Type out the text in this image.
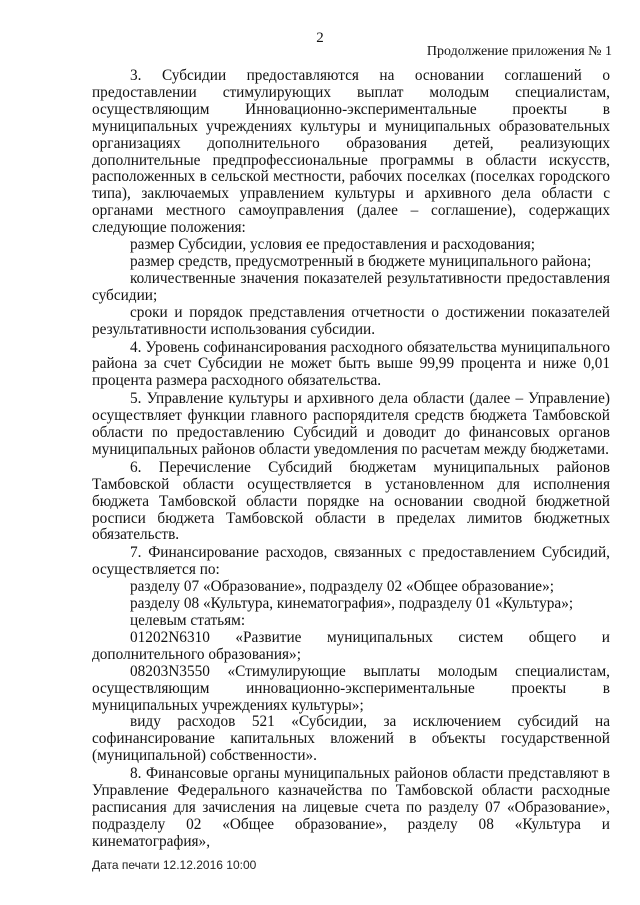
2
Продолжение приложения № 1

3. Субсидии предоставляются на основании соглашений о предоставлении стимулирующих выплат молодым специалистам, осуществляющим Инновационно-экспериментальные проекты в муниципальных учреждениях культуры и муниципальных образовательных организациях дополнительного образования детей, реализующих дополнительные предпрофессиональные программы в области искусств, расположенных в сельской местности, рабочих поселках (поселках городского типа), заключаемых управлением культуры и архивного дела области с органами местного самоуправления (далее – соглашение), содержащих следующие положения:

размер Субсидии, условия ее предоставления и расходования;

размер средств, предусмотренный в бюджете муниципального района;

количественные значения показателей результативности предоставления субсидии;

сроки и порядок представления отчетности о достижении показателей результативности использования субсидии.

4. Уровень софинансирования расходного обязательства муниципального района за счет Субсидии не может быть выше 99,99 процента и ниже 0,01 процента размера расходного обязательства.

5. Управление культуры и архивного дела области (далее – Управление) осуществляет функции главного распорядителя средств бюджета Тамбовской области по предоставлению Субсидий и доводит до финансовых органов муниципальных районов области уведомления по расчетам между бюджетами.

6. Перечисление Субсидий бюджетам муниципальных районов Тамбовской области осуществляется в установленном для исполнения бюджета Тамбовской области порядке на основании сводной бюджетной росписи бюджета Тамбовской области в пределах лимитов бюджетных обязательств.

7. Финансирование расходов, связанных с предоставлением Субсидий, осуществляется по:

разделу 07 «Образование», подразделу 02 «Общее образование»;

разделу 08 «Культура, кинематография», подразделу 01 «Культура»;

целевым статьям:

01202N6310 «Развитие муниципальных систем общего и дополнительного образования»;

08203N3550 «Стимулирующие выплаты молодым специалистам, осуществляющим инновационно-экспериментальные проекты в муниципальных учреждениях культуры»;

виду расходов 521 «Субсидии, за исключением субсидий на софинансирование капитальных вложений в объекты государственной (муниципальной) собственности».

8. Финансовые органы муниципальных районов области представляют в Управление Федерального казначейства по Тамбовской области расходные расписания для зачисления на лицевые счета по разделу 07 «Образование», подразделу 02 «Общее образование», разделу 08 «Культура и кинематография»,

Дата печати 12.12.2016 10:00
